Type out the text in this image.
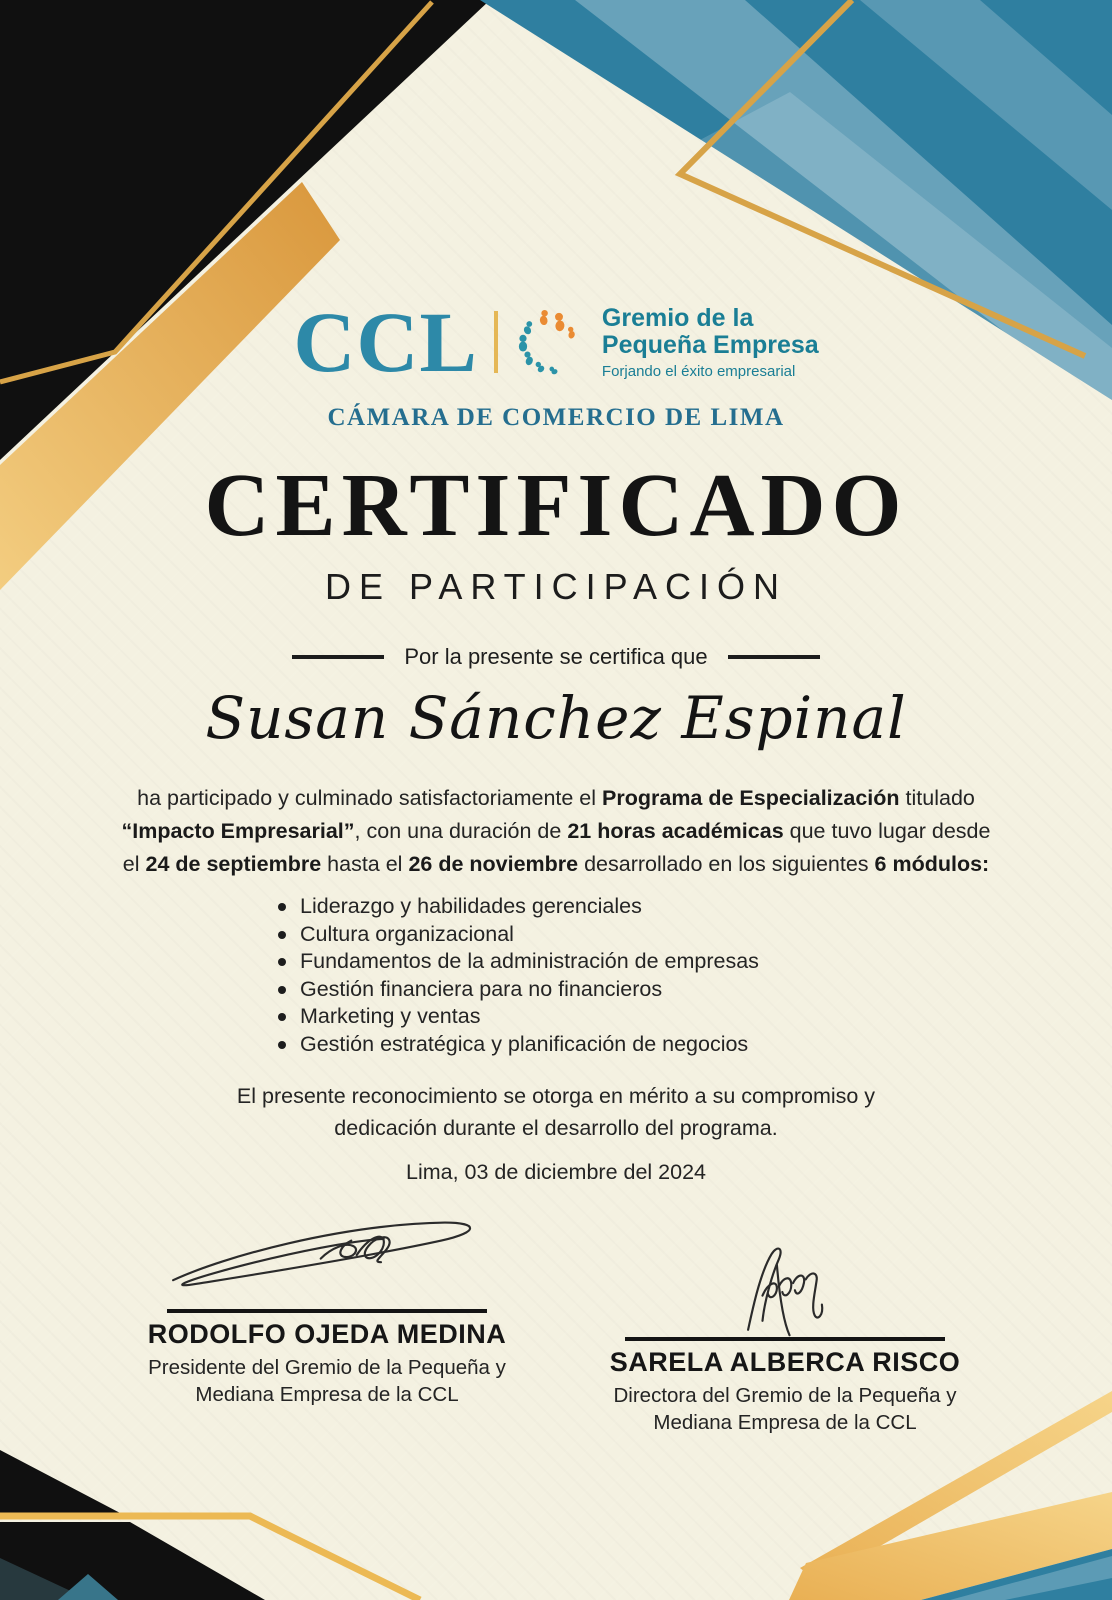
CCL	Gremio de la
Pequeña Empresa
Forjando el éxito empresarial
CÁMARA DE COMERCIO DE LIMA
CERTIFICADO
DE PARTICIPACIÓN
Por la presente se certifica que
Susan Sánchez Espinal

ha participado y culminado satisfactoriamente el Programa de Especialización titulado
“Impacto Empresarial”, con una duración de 21 horas académicas que tuvo lugar desde
el 24 de septiembre hasta el 26 de noviembre desarrollado en los siguientes 6 módulos:

Liderazgo y habilidades gerenciales
Cultura organizacional
Fundamentos de la administración de empresas
Gestión financiera para no financieros
Marketing y ventas
Gestión estratégica y planificación de negocios

El presente reconocimiento se otorga en mérito a su compromiso y dedicación durante el desarrollo del programa.

Lima, 03 de diciembre del 2024
RODOLFO OJEDA MEDINA
Presidente del Gremio de la Pequeña y
Mediana Empresa de la CCL
SARELA ALBERCA RISCO
Directora del Gremio de la Pequeña y
Mediana Empresa de la CCL
